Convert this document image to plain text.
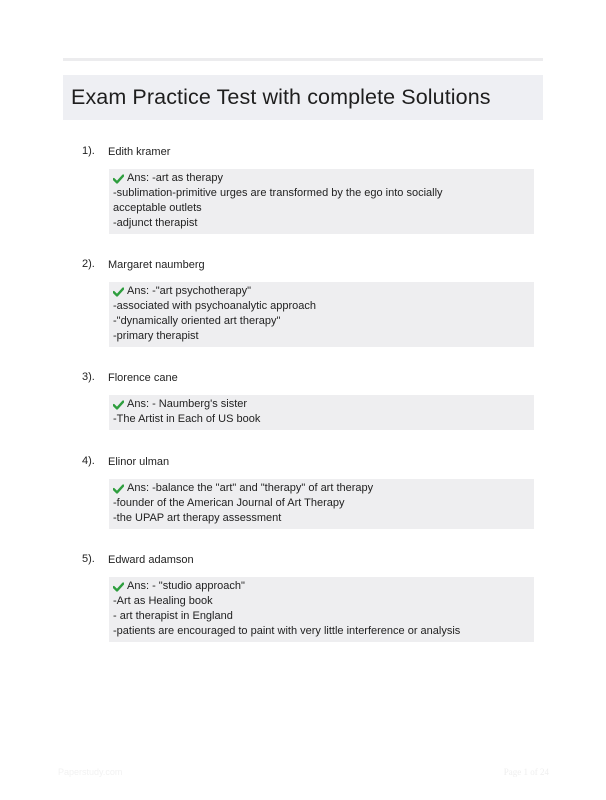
Exam Practice Test with complete Solutions
1). Edith kramer
Ans: -art as therapy
-sublimation-primitive urges are transformed by the ego into socially
acceptable outlets
-adjunct therapist
2). Margaret naumberg
Ans: -"art psychotherapy"
-associated with psychoanalytic approach
-"dynamically oriented art therapy"
-primary therapist
3). Florence cane
Ans: - Naumberg's sister
-The Artist in Each of US book
4). Elinor ulman
Ans: -balance the "art" and "therapy" of art therapy
-founder of the American Journal of Art Therapy
-the UPAP art therapy assessment
5). Edward adamson
Ans: - "studio approach"
-Art as Healing book
- art therapist in England
-patients are encouraged to paint with very little interference or analysis
Paperstudy.com	Page 1 of 24
